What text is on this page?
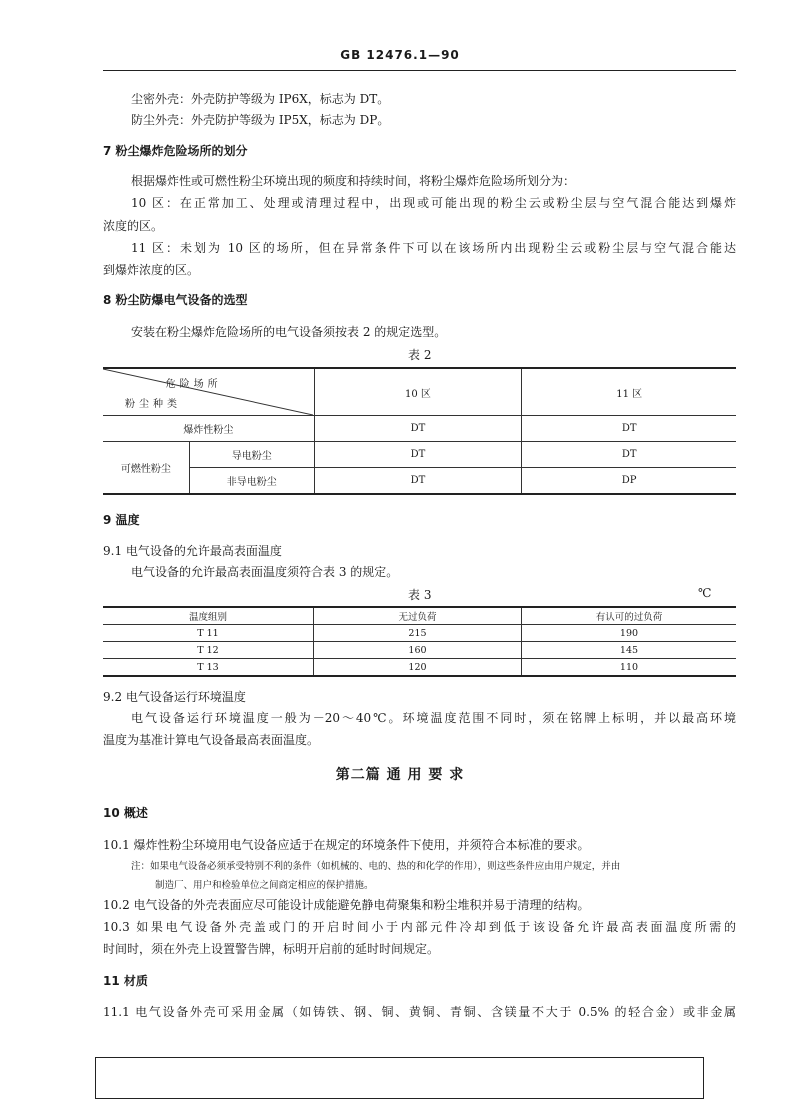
GB 12476.1—90
尘密外壳：外壳防护等级为 IP6X，标志为 DT。
防尘外壳：外壳防护等级为 IP5X，标志为 DP。
7 粉尘爆炸危险场所的划分
根据爆炸性或可燃性粉尘环境出现的频度和持续时间，将粉尘爆炸危险场所划分为：
10 区：在正常加工、处理或清理过程中，出现或可能出现的粉尘云或粉尘层与空气混合能达到爆炸
浓度的区。
11 区：未划为 10 区的场所，但在异常条件下可以在该场所内出现粉尘云或粉尘层与空气混合能达
到爆炸浓度的区。
8 粉尘防爆电气设备的选型
安装在粉尘爆炸危险场所的电气设备须按表 2 的规定选型。
表 2
危险场所
粉尘种类		10 区	11 区
爆炸性粉尘		DT	DT
可燃性粉尘	导电粉尘	DT	DT
	非导电粉尘	DT	DP
9 温度
9.1 电气设备的允许最高表面温度
电气设备的允许最高表面温度须符合表 3 的规定。
表 3	℃
温度组别	无过负荷	有认可的过负荷
T 11	215	190
T 12	160	145
T 13	120	110
9.2 电气设备运行环境温度
电气设备运行环境温度一般为－20～40℃。环境温度范围不同时，须在铭牌上标明，并以最高环境
温度为基准计算电气设备最高表面温度。
第二篇 通 用 要 求
10 概述
10.1 爆炸性粉尘环境用电气设备应适于在规定的环境条件下使用，并须符合本标准的要求。
注：如果电气设备必须承受特别不利的条件（如机械的、电的、热的和化学的作用），则这些条件应由用户规定，并由
制造厂、用户和检验单位之间商定相应的保护措施。
10.2 电气设备的外壳表面应尽可能设计成能避免静电荷聚集和粉尘堆积并易于清理的结构。
10.3 如果电气设备外壳盖或门的开启时间小于内部元件冷却到低于该设备允许最高表面温度所需的
时间时，须在外壳上设置警告牌，标明开启前的延时时间规定。
11 材质
11.1 电气设备外壳可采用金属（如铸铁、钢、铜、黄铜、青铜、含镁量不大于 0.5% 的轻合金）或非金属
